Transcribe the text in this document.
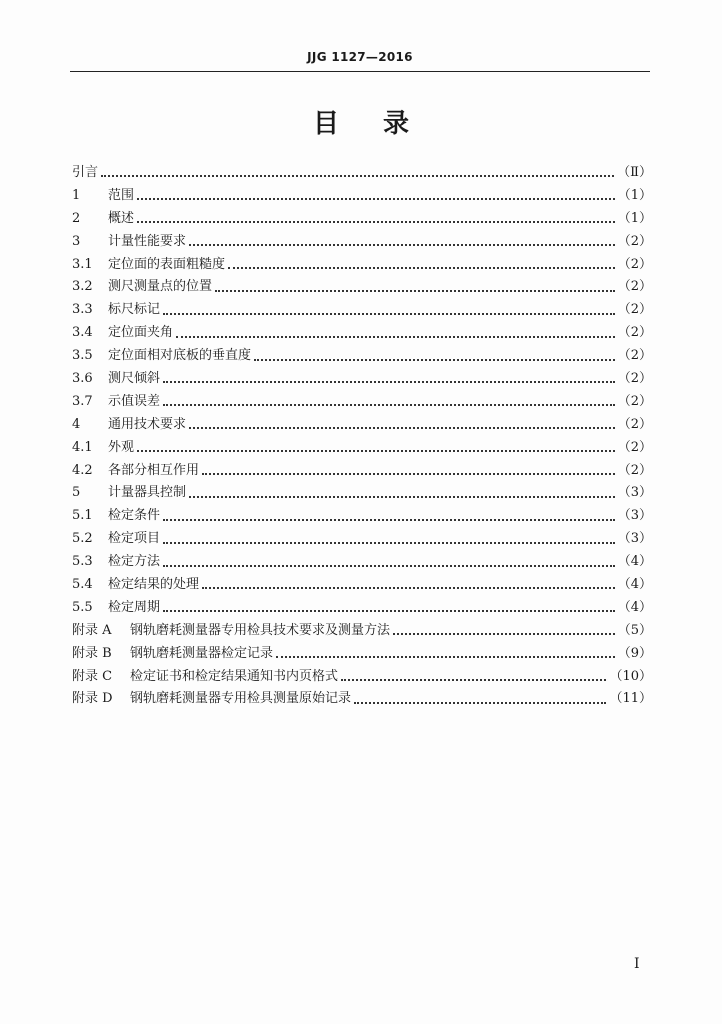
JJG 1127—2016
目录
引言	（Ⅱ）
1	范围	（1）
2	概述	（1）
3	计量性能要求	（2）
3.1	定位面的表面粗糙度	（2）
3.2	测尺测量点的位置	（2）
3.3	标尺标记	（2）
3.4	定位面夹角	（2）
3.5	定位面相对底板的垂直度	（2）
3.6	测尺倾斜	（2）
3.7	示值误差	（2）
4	通用技术要求	（2）
4.1	外观	（2）
4.2	各部分相互作用	（2）
5	计量器具控制	（3）
5.1	检定条件	（3）
5.2	检定项目	（3）
5.3	检定方法	（4）
5.4	检定结果的处理	（4）
5.5	检定周期	（4）
附录 A	钢轨磨耗测量器专用检具技术要求及测量方法	（5）
附录 B	钢轨磨耗测量器检定记录	（9）
附录 C	检定证书和检定结果通知书内页格式	（10）
附录 D	钢轨磨耗测量器专用检具测量原始记录	（11）
I
